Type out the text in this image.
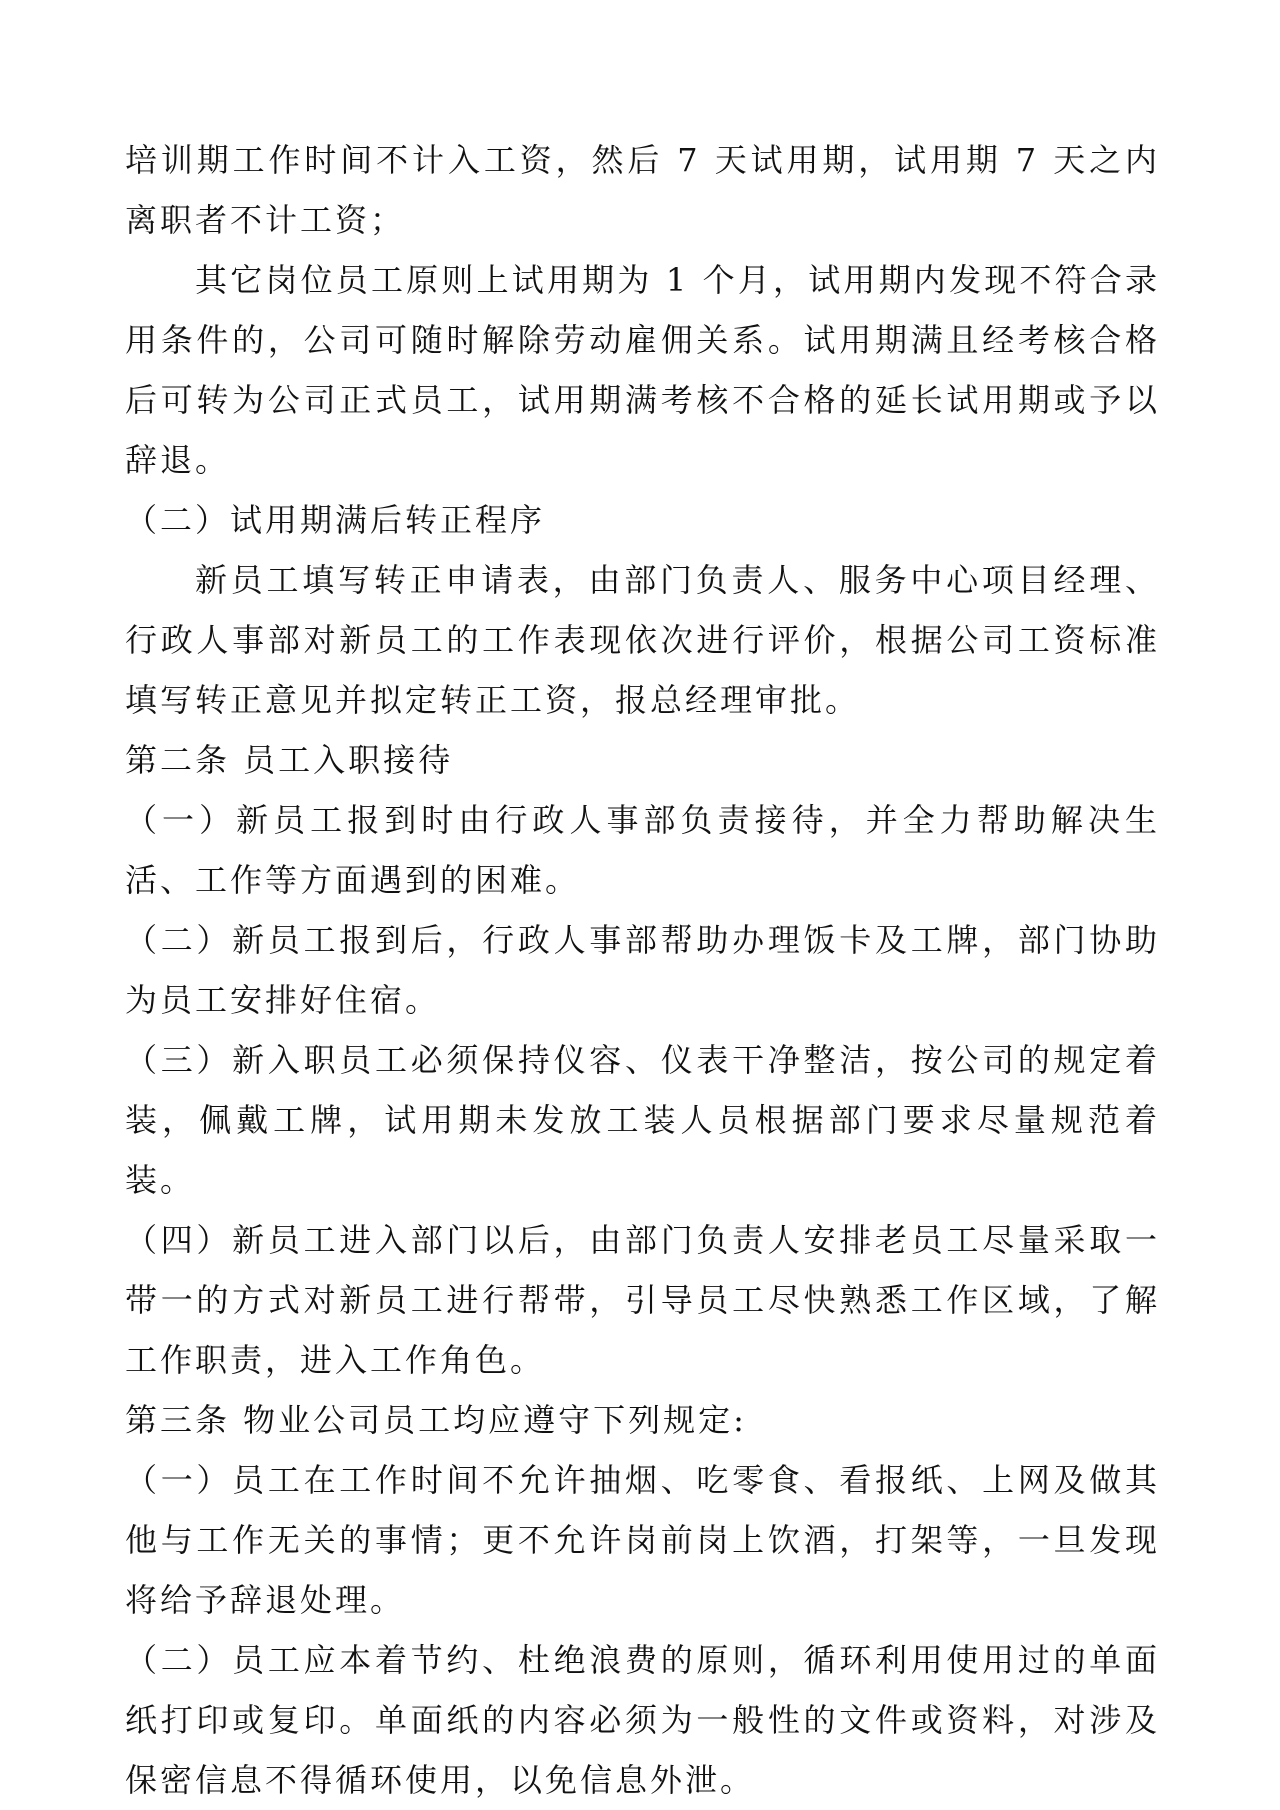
培训期工作时间不计入工资，然后 7 天试用期，试用期 7 天之内离职者不计工资；

其它岗位员工原则上试用期为 1 个月，试用期内发现不符合录用条件的，公司可随时解除劳动雇佣关系。试用期满且经考核合格后可转为公司正式员工，试用期满考核不合格的延长试用期或予以辞退。

（二）试用期满后转正程序

新员工填写转正申请表，由部门负责人、服务中心项目经理、行政人事部对新员工的工作表现依次进行评价，根据公司工资标准填写转正意见并拟定转正工资，报总经理审批。

第二条 员工入职接待

（一）新员工报到时由行政人事部负责接待，并全力帮助解决生活、工作等方面遇到的困难。

（二）新员工报到后，行政人事部帮助办理饭卡及工牌，部门协助为员工安排好住宿。

（三）新入职员工必须保持仪容、仪表干净整洁，按公司的规定着装，佩戴工牌，试用期未发放工装人员根据部门要求尽量规范着装。

（四）新员工进入部门以后，由部门负责人安排老员工尽量采取一带一的方式对新员工进行帮带，引导员工尽快熟悉工作区域，了解工作职责，进入工作角色。

第三条 物业公司员工均应遵守下列规定:

（一）员工在工作时间不允许抽烟、吃零食、看报纸、上网及做其他与工作无关的事情；更不允许岗前岗上饮酒，打架等，一旦发现将给予辞退处理。

（二）员工应本着节约、杜绝浪费的原则，循环利用使用过的单面纸打印或复印。单面纸的内容必须为一般性的文件或资料，对涉及保密信息不得循环使用，以免信息外泄。
